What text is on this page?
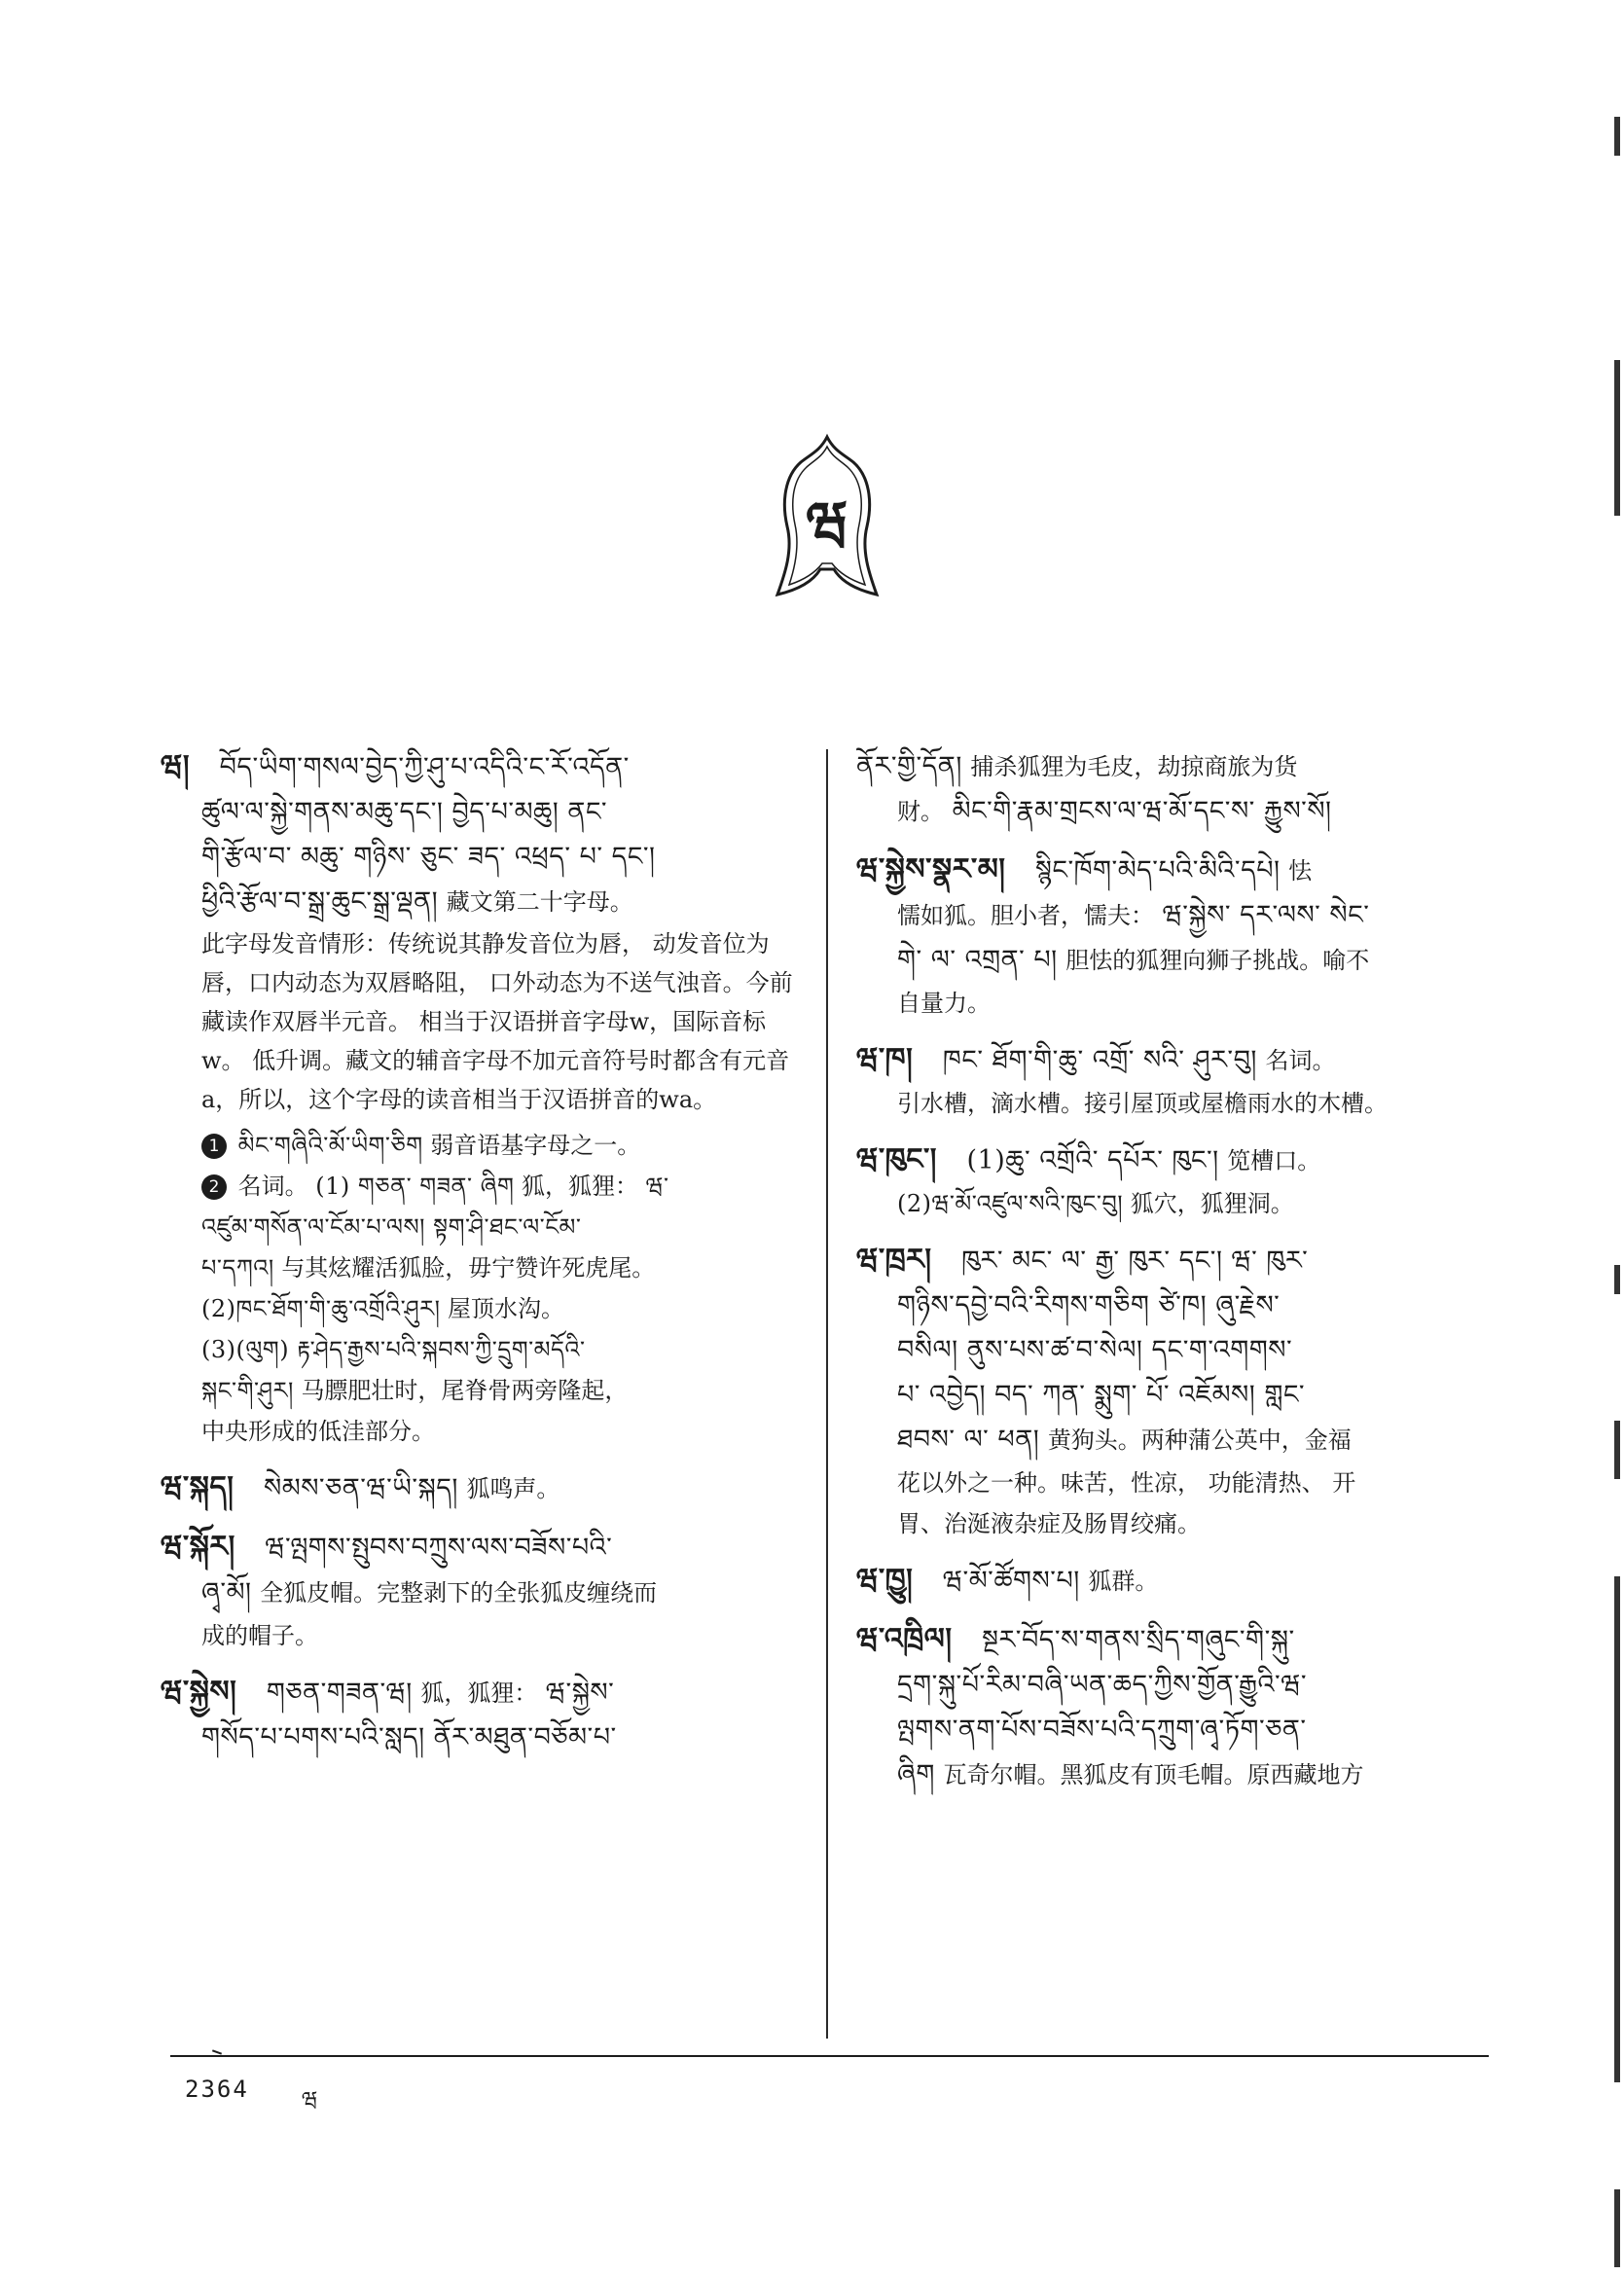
ཝ
ཝ། བོད་ཡིག་གསལ་བྱེད་ཀྱི་ཤུ་པ་འདིའི་ང་རོ་འདོན་
ཚུལ་ལ་སྐྱེ་གནས་མཆུ་དང་། བྱེད་པ་མཆུ། ནང་
གི་རྩོལ་བ་ མཆུ་ གཉིས་ ཅུང་ ཟད་ འཕྲད་ པ་ དང་།
ཕྱིའི་རྩོལ་བ་སྒྲ་ཆུང་སྒྲ་ལྡན། 藏文第二十字母。
此字母发音情形：传统说其静发音位为唇， 动发音位为唇，口内动态为双唇略阻， 口外动态为不送气浊音。今前藏读作双唇半元音。 相当于汉语拼音字母w，国际音标w。 低升调。藏文的辅音字母不加元音符号时都含有元音a，所以，这个字母的读音相当于汉语拼音的wa。
1 མིང་གཞིའི་མོ་ཡིག་ཅིག 弱音语基字母之一。
2 名词。 (1) གཅན་ གཟན་ ཞིག 狐，狐狸： ཝ་
འཛུམ་གསོན་ལ་ངོམ་པ་ལས། སྟག་ཤི་ཐང་ལ་ངོམ་
པ་དཀའ། 与其炫耀活狐脸，毋宁赞许死虎尾。
(2)ཁང་ཐོག་གི་ཆུ་འགྲོའི་ཤུར། 屋顶水沟。
(3)(ལུག) རྟ་ཤེད་རྒྱས་པའི་སྐབས་ཀྱི་དྲུག་མདོའི་
སྐང་གི་ཤུར། 马膘肥壮时，尾脊骨两旁隆起，
中央形成的低洼部分。
ཝ་སྐད། སེམས་ཅན་ཝ་ཡི་སྐད། 狐鸣声。
ཝ་སྐོར། ཝ་ལྤགས་སྤུབས་བཀྲུས་ལས་བཟོས་པའི་
ཞྭ་མོ། 全狐皮帽。完整剥下的全张狐皮缠绕而
成的帽子。
ཝ་སྐྱེས། གཅན་གཟན་ཝ། 狐，狐狸： ཝ་སྐྱེས་
གསོད་པ་པགས་པའི་སླད། ནོར་མཐུན་བཅོམ་པ་
ནོར་གྱི་དོན། 捕杀狐狸为毛皮，劫掠商旅为货
财。 མིང་གི་རྣམ་གྲངས་ལ་ཝ་མོ་དང་ས་ རྐྱུས་སོ།
ཝ་སྐྱེས་སྣར་མ། སྙིང་ཁོག་མེད་པའི་མིའི་དཔེ། 怯
懦如狐。胆小者，懦夫： ཝ་སྐྱེས་ དར་ལས་ སེང་
གེ་ ལ་ འགྲན་ པ། 胆怯的狐狸向狮子挑战。喻不
自量力。
ཝ་ཁ། ཁང་ ཐོག་གི་ཆུ་ འགྲོ་ སའི་ ཤུར་བུ། 名词。
引水槽，滴水槽。接引屋顶或屋檐雨水的木槽。
ཝ་ཁུང་། (1)ཆུ་ འགྲོའི་ དཔོར་ ཁུང་། 笕槽口。
(2)ཝ་མོ་འཛུལ་སའི་ཁུང་བུ། 狐穴，狐狸洞。
ཝ་ཁྲར། ཁུར་ མང་ ལ་ རྒྱ་ ཁུར་ དང་། ཝ་ ཁུར་
གཉིས་དབྱེ་བའི་རིགས་གཅིག ཙེ་ཁ། ཞུ་རྗེས་
བསིལ། ནུས་པས་ཚ་བ་སེལ། དང་ག་འགགས་
པ་ འབྱེད། བད་ ཀན་ སྨུག་ པོ་ འཇོམས། གླང་
ཐབས་ ལ་ ཕན། 黄狗头。两种蒲公英中，金福
花以外之一种。味苦，性凉， 功能清热、 开
胃、治涎液杂症及肠胃绞痛。
ཝ་ཁྱུ། ཝ་མོ་ཚོགས་པ། 狐群。
ཝ་འཁྲིལ། སྔར་བོད་ས་གནས་སྲིད་གཞུང་གི་སྐུ་
དྲག་སྐུ་པོ་རིམ་བཞི་ཡན་ཆད་ཀྱིས་གྱོན་རྒྱུའི་ཝ་
ལྤགས་ནག་པོས་བཟོས་པའི་དཀྲུག་ཞྭ་ཏོག་ཅན་
ཞིག 瓦奇尔帽。黑狐皮有顶毛帽。原西藏地方
2364 ཝ
